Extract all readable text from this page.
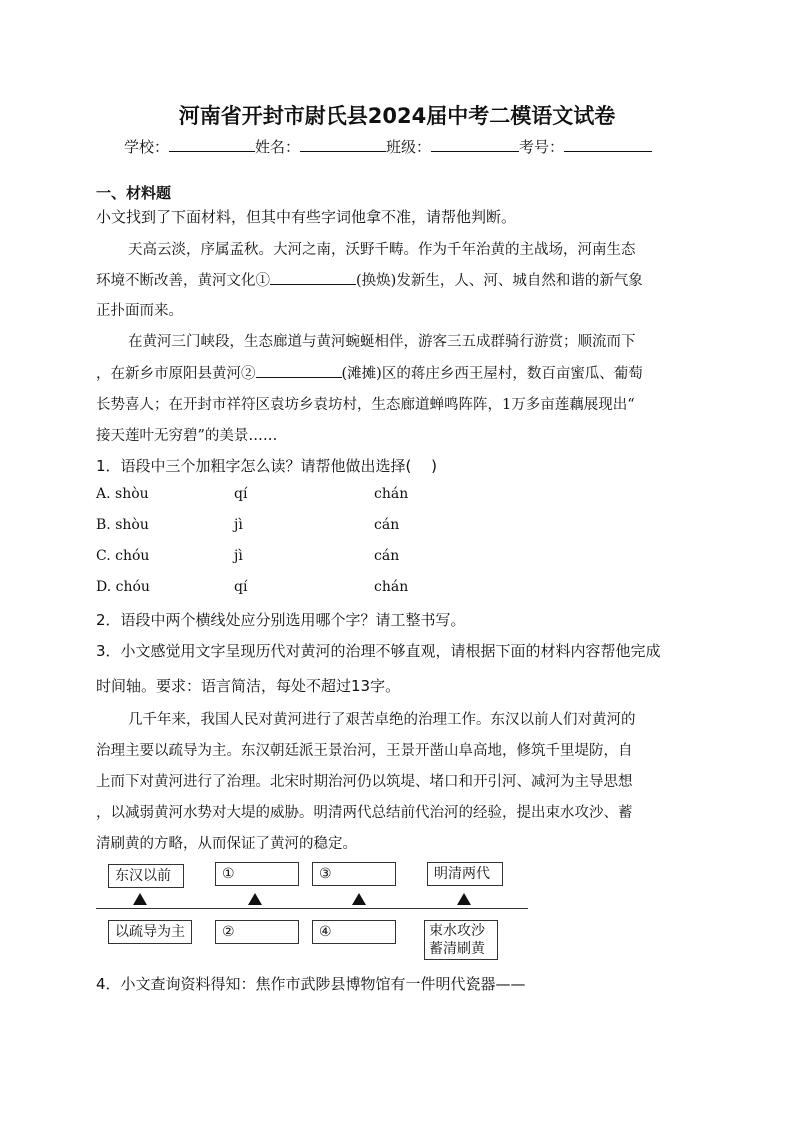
河南省开封市尉氏县2024届中考二模语文试卷
学校：	姓名：	班级：	考号：
一、材料题
小文找到了下面材料，但其中有些字词他拿不准，请帮他判断。
天高云淡，序属孟秋。大河之南，沃野千畴。作为千年治黄的主战场，河南生态
环境不断改善，黄河文化①	(换焕)发新生，人、河、城自然和谐的新气象
正扑面而来。
在黄河三门峡段，生态廊道与黄河蜿蜒相伴，游客三五成群骑行游赏；顺流而下
，在新乡市原阳县黄河②	(滩摊)区的蒋庄乡西王屋村，数百亩蜜瓜、葡萄
长势喜人；在开封市祥符区袁坊乡袁坊村，生态廊道蝉鸣阵阵，1万多亩莲藕展现出“
接天莲叶无穷碧”的美景……
1．语段中三个加粗字怎么读？请帮他做出选择(　 )
A. shòu	qí	chán
B. shòu	jì	cán
C. chóu	jì	cán
D. chóu	qí	chán
2．语段中两个横线处应分别选用哪个字？请工整书写。
3．小文感觉用文字呈现历代对黄河的治理不够直观，请根据下面的材料内容帮他完成
时间轴。要求：语言简洁，每处不超过13字。
几千年来，我国人民对黄河进行了艰苦卓绝的治理工作。东汉以前人们对黄河的
治理主要以疏导为主。东汉朝廷派王景治河，王景开凿山阜高地，修筑千里堤防，自
上而下对黄河进行了治理。北宋时期治河仍以筑堤、堵口和开引河、减河为主导思想
，以减弱黄河水势对大堤的威胁。明清两代总结前代治河的经验，提出束水攻沙、蓄
清刷黄的方略，从而保证了黄河的稳定。
东汉以前	①	③	明清两代
以疏导为主	②	④	束水攻沙
蓄清刷黄
4．小文查询资料得知：焦作市武陟县博物馆有一件明代瓷器——
